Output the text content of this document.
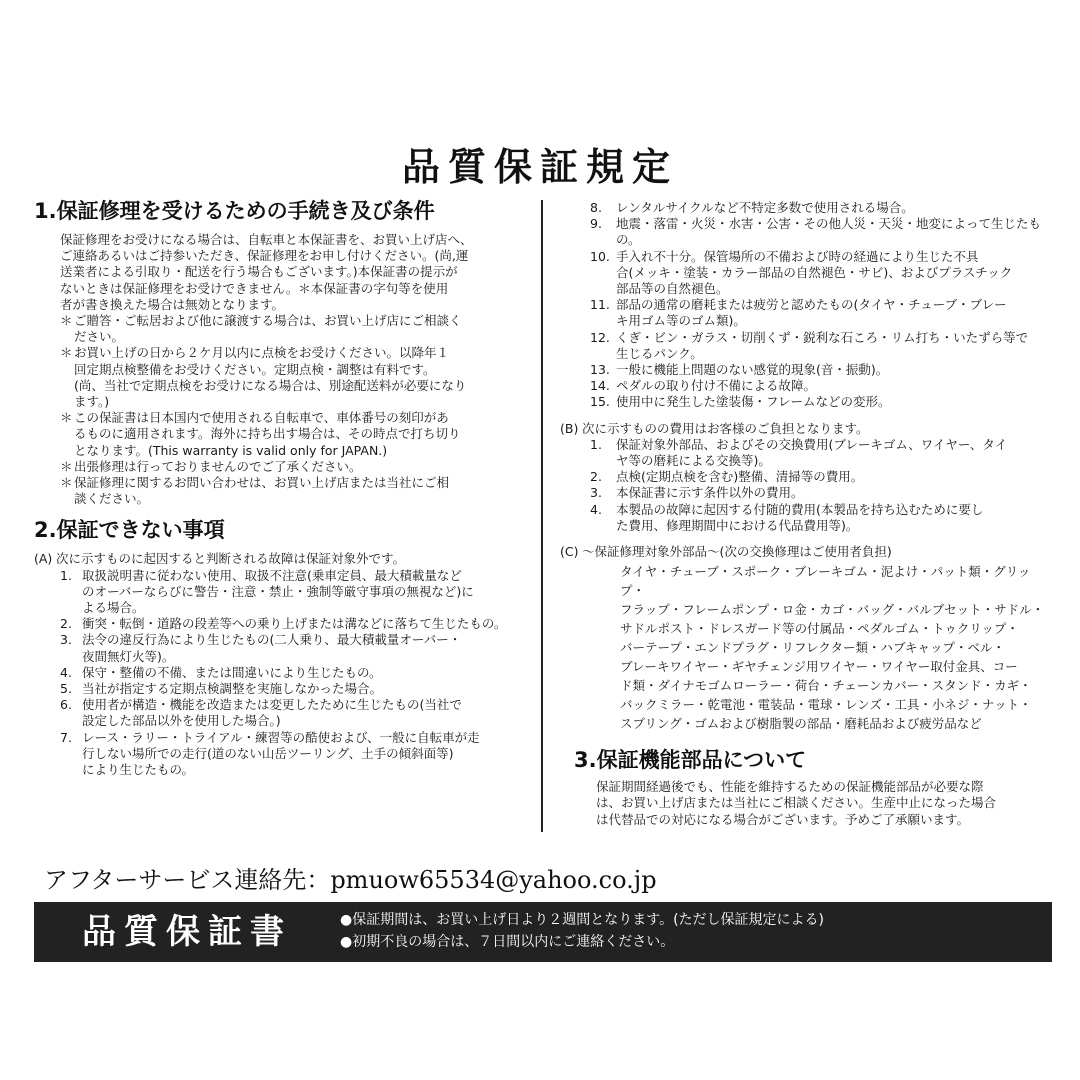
品質保証規定
1.保証修理を受けるための手続き及び条件

保証修理をお受けになる場合は、自転車と本保証書を、お買い上げ店へ、

ご連絡あるいはご持参いただき、保証修理をお申し付けください。(尚,運

送業者による引取り・配送を行う場合もございます。)本保証書の提示が

ないときは保証修理をお受けできません。＊本保証書の字句等を使用

者が書き換えた場合は無効となります。

＊ ご贈答・ご転居および他に譲渡する場合は、お買い上げ店にご相談く
ださい。
＊ お買い上げの日から２ケ月以内に点検をお受けください。以降年１
回定期点検整備をお受けください。定期点検・調整は有料です。
(尚、当社で定期点検をお受けになる場合は、別途配送料が必要になり
ます。)
＊ この保証書は日本国内で使用される自転車で、車体番号の刻印があ
るものに適用されます。海外に持ち出す場合は、その時点で打ち切り
となります。(This warranty is valid only for JAPAN.)
＊ 出張修理は行っておりませんのでご了承ください。
＊ 保証修理に関するお問い合わせは、お買い上げ店または当社にご相
談ください。
2.保証できない事項
(A) 次に示すものに起因すると判断される故障は保証対象外です。
1. 取扱説明書に従わない使用、取扱不注意(乗車定員、最大積載量など
のオーバーならびに警告・注意・禁止・強制等厳守事項の無視など)に
よる場合。
2. 衝突・転倒・道路の段差等への乗り上げまたは溝などに落ちて生じたもの。
3. 法令の違反行為により生じたもの(二人乗り、最大積載量オーバー・
夜間無灯火等)。
4. 保守・整備の不備、または間違いにより生じたもの。
5. 当社が指定する定期点検調整を実施しなかった場合。
6. 使用者が構造・機能を改造または変更したために生じたもの(当社で
設定した部品以外を使用した場合。)
7. レース・ラリー・トライアル・練習等の酷使および、一般に自転車が走
行しない場所での走行(道のない山岳ツーリング、土手の傾斜面等)
により生じたもの。
8. レンタルサイクルなど不特定多数で使用される場合。
9. 地震・落雷・火災・水害・公害・その他人災・天災・地変によって生じたもの。
10. 手入れ不十分。保管場所の不備および時の経過により生じた不具
合(メッキ・塗装・カラー部品の自然褪色・サビ)、およびプラスチック
部品等の自然褪色。
11. 部品の通常の磨耗または疲労と認めたもの(タイヤ・チューブ・ブレー
キ用ゴム等のゴム類)。
12. くぎ・ビン・ガラス・切削くず・鋭利な石ころ・リム打ち・いたずら等で
生じるパンク。
13. 一般に機能上問題のない感覚的現象(音・振動)。
14. ペダルの取り付け不備による故障。
15. 使用中に発生した塗装傷・フレームなどの変形。
(B) 次に示すものの費用はお客様のご負担となります。
1. 保証対象外部品、およびその交換費用(ブレーキゴム、ワイヤー、タイ
ヤ等の磨耗による交換等)。
2. 点検(定期点検を含む)整備、清掃等の費用。
3. 本保証書に示す条件以外の費用。
4. 本製品の故障に起因する付随的費用(本製品を持ち込むために要し
た費用、修理期間中における代品費用等)。
(C) ～保証修理対象外部品～(次の交換修理はご使用者負担)
タイヤ・チューブ・スポーク・ブレーキゴム・泥よけ・パット類・グリップ・
フラップ・フレームポンプ・ロ金・カゴ・バッグ・バルブセット・サドル・
サドルポスト・ドレスガード等の付属品・ペダルゴム・トゥクリップ・
バーテープ・エンドプラグ・リフレクター類・ハブキャップ・ベル・
ブレーキワイヤー・ギヤチェンジ用ワイヤー・ワイヤー取付金具、コー
ド類・ダイナモゴムローラー・荷台・チェーンカバー・スタンド・カギ・
バックミラー・乾電池・電装品・電球・レンズ・工具・小ネジ・ナット・
スプリング・ゴムおよび樹脂製の部品・磨耗品および疲労品など
3.保証機能部品について
保証期間経過後でも、性能を維持するための保証機能部品が必要な際
は、お買い上げ店または当社にご相談ください。生産中止になった場合
は代替品での対応になる場合がございます。予めご了承願います。
アフターサービス連絡先：pmuow65534@yahoo.co.jp
品質保証書	●保証期間は、お買い上げ日より２週間となります。(ただし保証規定による)
●初期不良の場合は、７日間以内にご連絡ください。
